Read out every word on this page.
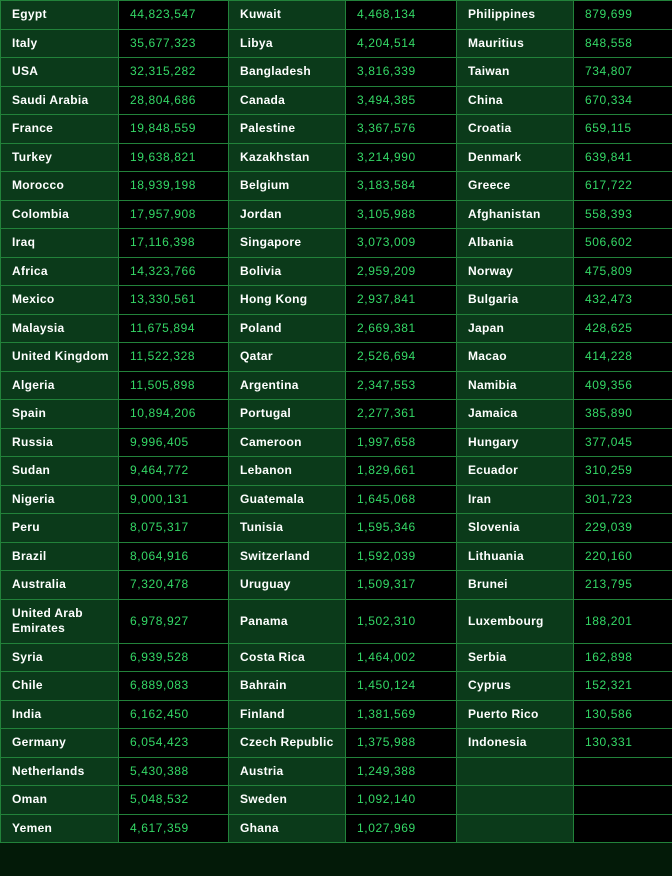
Egypt	44,823,547	Kuwait	4,468,134	Philippines	879,699
Italy	35,677,323	Libya	4,204,514	Mauritius	848,558
USA	32,315,282	Bangladesh	3,816,339	Taiwan	734,807
Saudi Arabia	28,804,686	Canada	3,494,385	China	670,334
France	19,848,559	Palestine	3,367,576	Croatia	659,115
Turkey	19,638,821	Kazakhstan	3,214,990	Denmark	639,841
Morocco	18,939,198	Belgium	3,183,584	Greece	617,722
Colombia	17,957,908	Jordan	3,105,988	Afghanistan	558,393
Iraq	17,116,398	Singapore	3,073,009	Albania	506,602
Africa	14,323,766	Bolivia	2,959,209	Norway	475,809
Mexico	13,330,561	Hong Kong	2,937,841	Bulgaria	432,473
Malaysia	11,675,894	Poland	2,669,381	Japan	428,625
United Kingdom	11,522,328	Qatar	2,526,694	Macao	414,228
Algeria	11,505,898	Argentina	2,347,553	Namibia	409,356
Spain	10,894,206	Portugal	2,277,361	Jamaica	385,890
Russia	9,996,405	Cameroon	1,997,658	Hungary	377,045
Sudan	9,464,772	Lebanon	1,829,661	Ecuador	310,259
Nigeria	9,000,131	Guatemala	1,645,068	Iran	301,723
Peru	8,075,317	Tunisia	1,595,346	Slovenia	229,039
Brazil	8,064,916	Switzerland	1,592,039	Lithuania	220,160
Australia	7,320,478	Uruguay	1,509,317	Brunei	213,795
United Arab Emirates	6,978,927	Panama	1,502,310	Luxembourg	188,201
Syria	6,939,528	Costa Rica	1,464,002	Serbia	162,898
Chile	6,889,083	Bahrain	1,450,124	Cyprus	152,321
India	6,162,450	Finland	1,381,569	Puerto Rico	130,586
Germany	6,054,423	Czech Republic	1,375,988	Indonesia	130,331
Netherlands	5,430,388	Austria	1,249,388		
Oman	5,048,532	Sweden	1,092,140		
Yemen	4,617,359	Ghana	1,027,969		
